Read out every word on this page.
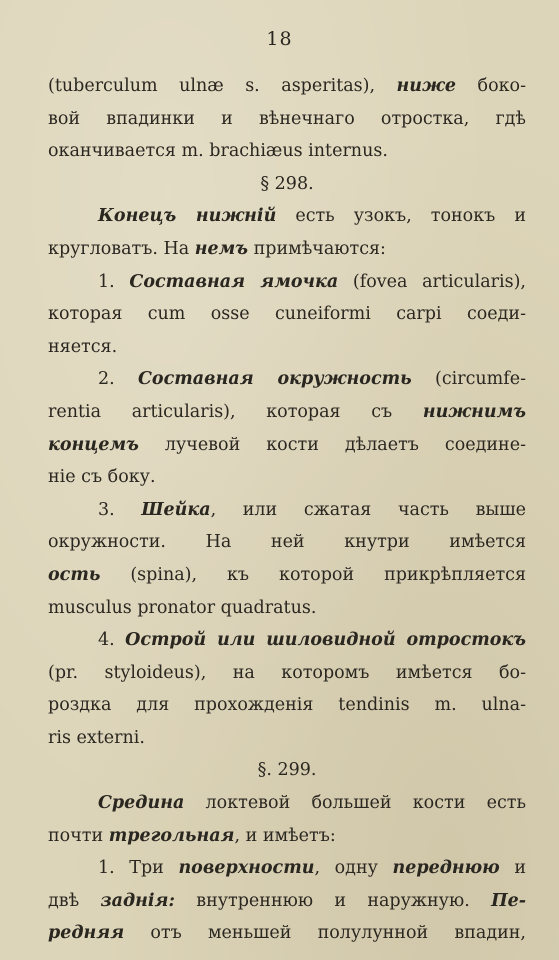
18
(tuberculum ulnæ s. asperitas), ниже боко-
вой впадинки и вѣнечнаго отростка, гдѣ
оканчивается m. brachiæus internus.
§ 298.
Конецъ нижній есть узокъ, тонокъ и
кругловатъ. На немъ примѣчаются:
1. Составная ямочка (fovea articularis),
которая cum osse cuneiformi carpi соеди-
няется.
2. Составная окружность (circumfe-
rentia articularis), которая съ нижнимъ
концемъ лучевой кости дѣлаетъ соедине-
ніе съ боку.
3. Шейка, или сжатая часть выше
окружности. На ней кнутри имѣется
ость (spina), къ которой прикрѣпляется
musculus pronator quadratus.
4. Острой или шиловидной отростокъ
(pr. styloideus), на которомъ имѣется бо-
роздка для прохожденія tendinis m. ulna-
ris externi.
§. 299.
Средина локтевой большей кости есть
почти трегольная, и имѣетъ:
1. Три поверхности, одну переднюю и
двѣ заднія: внутреннюю и наружную. Пе-
редняя отъ меньшей полулунной впадин,
